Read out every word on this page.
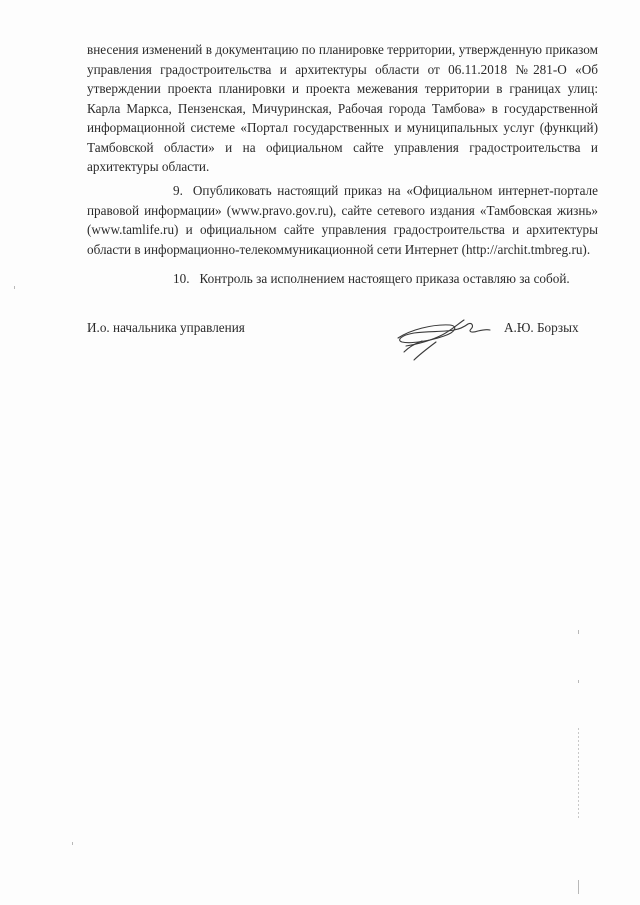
внесения изменений в документацию по планировке территории, утвержденную приказом управления градостроительства и архитектуры области от 06.11.2018 №281-О «Об утверждении проекта планировки и проекта межевания территории в границах улиц: Карла Маркса, Пензенская, Мичуринская, Рабочая города Тамбова» в государственной информационной системе «Портал государственных и муниципальных услуг (функций) Тамбовской области» и на официальном сайте управления градостроительства и архитектуры области.
9. Опубликовать настоящий приказ на «Официальном интернет-портале правовой информации» (www.pravo.gov.ru), сайте сетевого издания «Тамбовская жизнь» (www.tamlife.ru) и официальном сайте управления градостроительства и архитектуры области в информационно-телекоммуникационной сети Интернет (http://archit.tmbreg.ru).
10. Контроль за исполнением настоящего приказа оставляю за собой.
И.о. начальника управления	А.Ю. Борзых
